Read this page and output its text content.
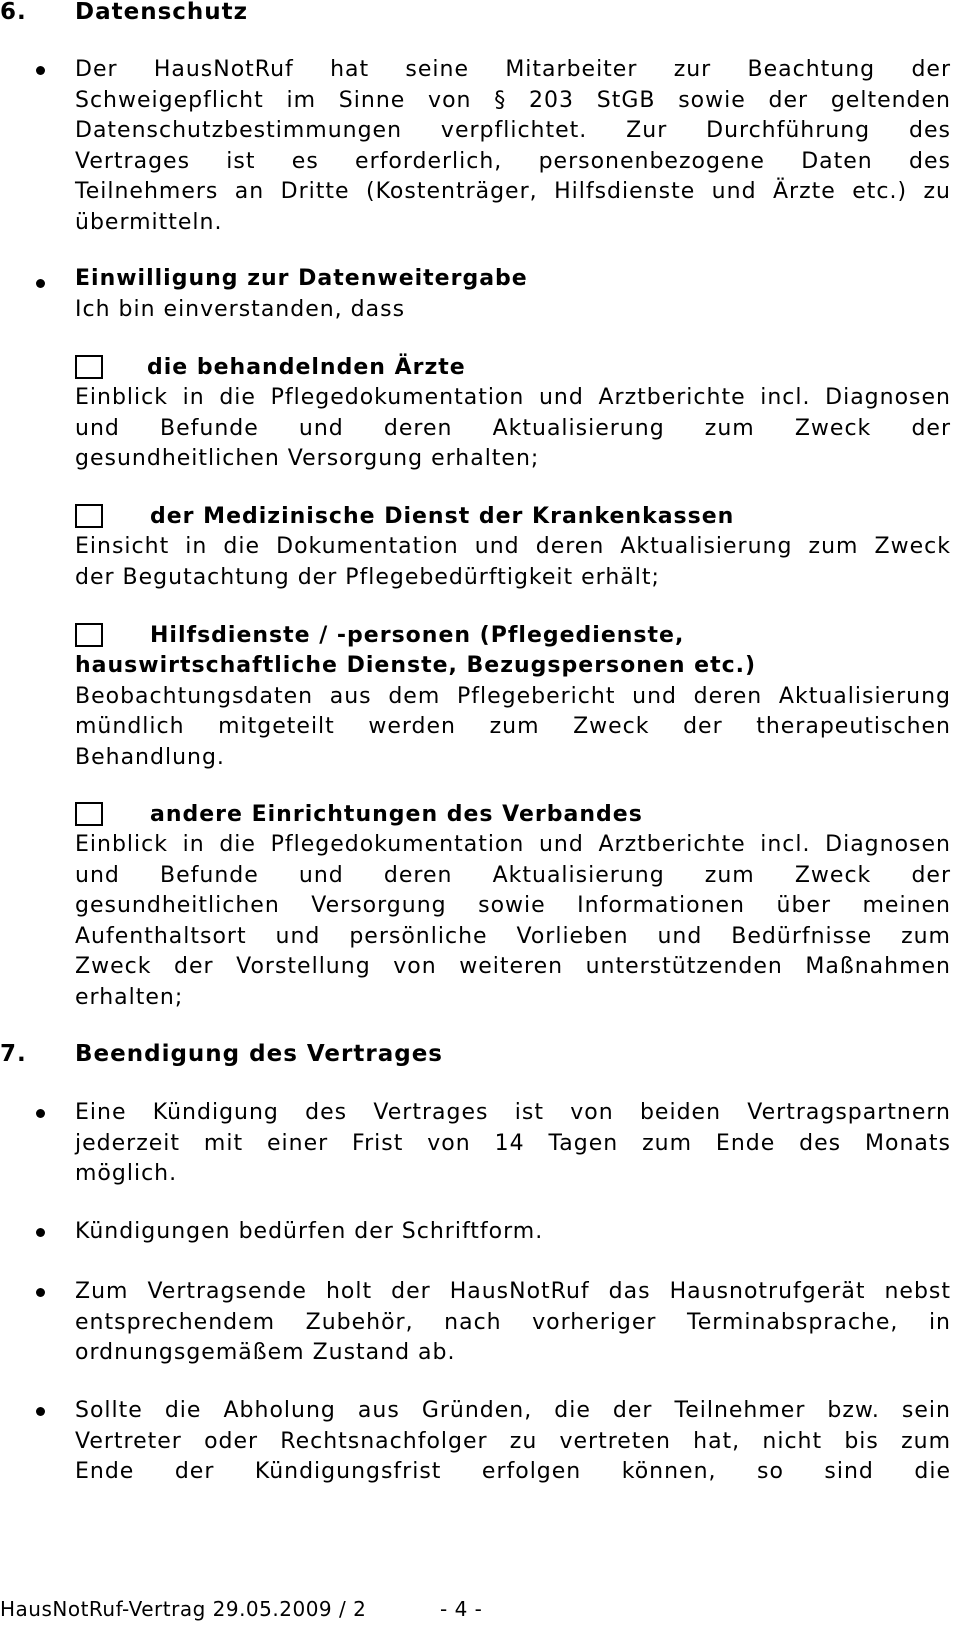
6.	Datenschutz
Der HausNotRuf hat seine Mitarbeiter zur Beachtung der
Schweigepflicht im Sinne von § 203 StGB sowie der geltenden
Datenschutzbestimmungen verpflichtet. Zur Durchführung des
Vertrages ist es erforderlich, personenbezogene Daten des
Teilnehmers an Dritte (Kostenträger, Hilfsdienste und Ärzte etc.) zu
übermitteln.
Einwilligung zur Datenweitergabe
Ich bin einverstanden, dass
die behandelnden Ärzte
Einblick in die Pflegedokumentation und Arztberichte incl. Diagnosen
und Befunde und deren Aktualisierung zum Zweck der
gesundheitlichen Versorgung erhalten;
der Medizinische Dienst der Krankenkassen
Einsicht in die Dokumentation und deren Aktualisierung zum Zweck
der Begutachtung der Pflegebedürftigkeit erhält;
Hilfsdienste / -personen (Pflegedienste,
hauswirtschaftliche Dienste, Bezugspersonen etc.)
Beobachtungsdaten aus dem Pflegebericht und deren Aktualisierung
mündlich mitgeteilt werden zum Zweck der therapeutischen
Behandlung.
andere Einrichtungen des Verbandes
Einblick in die Pflegedokumentation und Arztberichte incl. Diagnosen
und Befunde und deren Aktualisierung zum Zweck der
gesundheitlichen Versorgung sowie Informationen über meinen
Aufenthaltsort und persönliche Vorlieben und Bedürfnisse zum
Zweck der Vorstellung von weiteren unterstützenden Maßnahmen
erhalten;
7.	Beendigung des Vertrages
Eine Kündigung des Vertrages ist von beiden Vertragspartnern
jederzeit mit einer Frist von 14 Tagen zum Ende des Monats
möglich.
Kündigungen bedürfen der Schriftform.
Zum Vertragsende holt der HausNotRuf das Hausnotrufgerät nebst
entsprechendem Zubehör, nach vorheriger Terminabsprache, in
ordnungsgemäßem Zustand ab.
Sollte die Abholung aus Gründen, die der Teilnehmer bzw. sein
Vertreter oder Rechtsnachfolger zu vertreten hat, nicht bis zum
Ende der Kündigungsfrist erfolgen können, so sind die
HausNotRuf-Vertrag 29.05.2009 / 2	- 4 -
